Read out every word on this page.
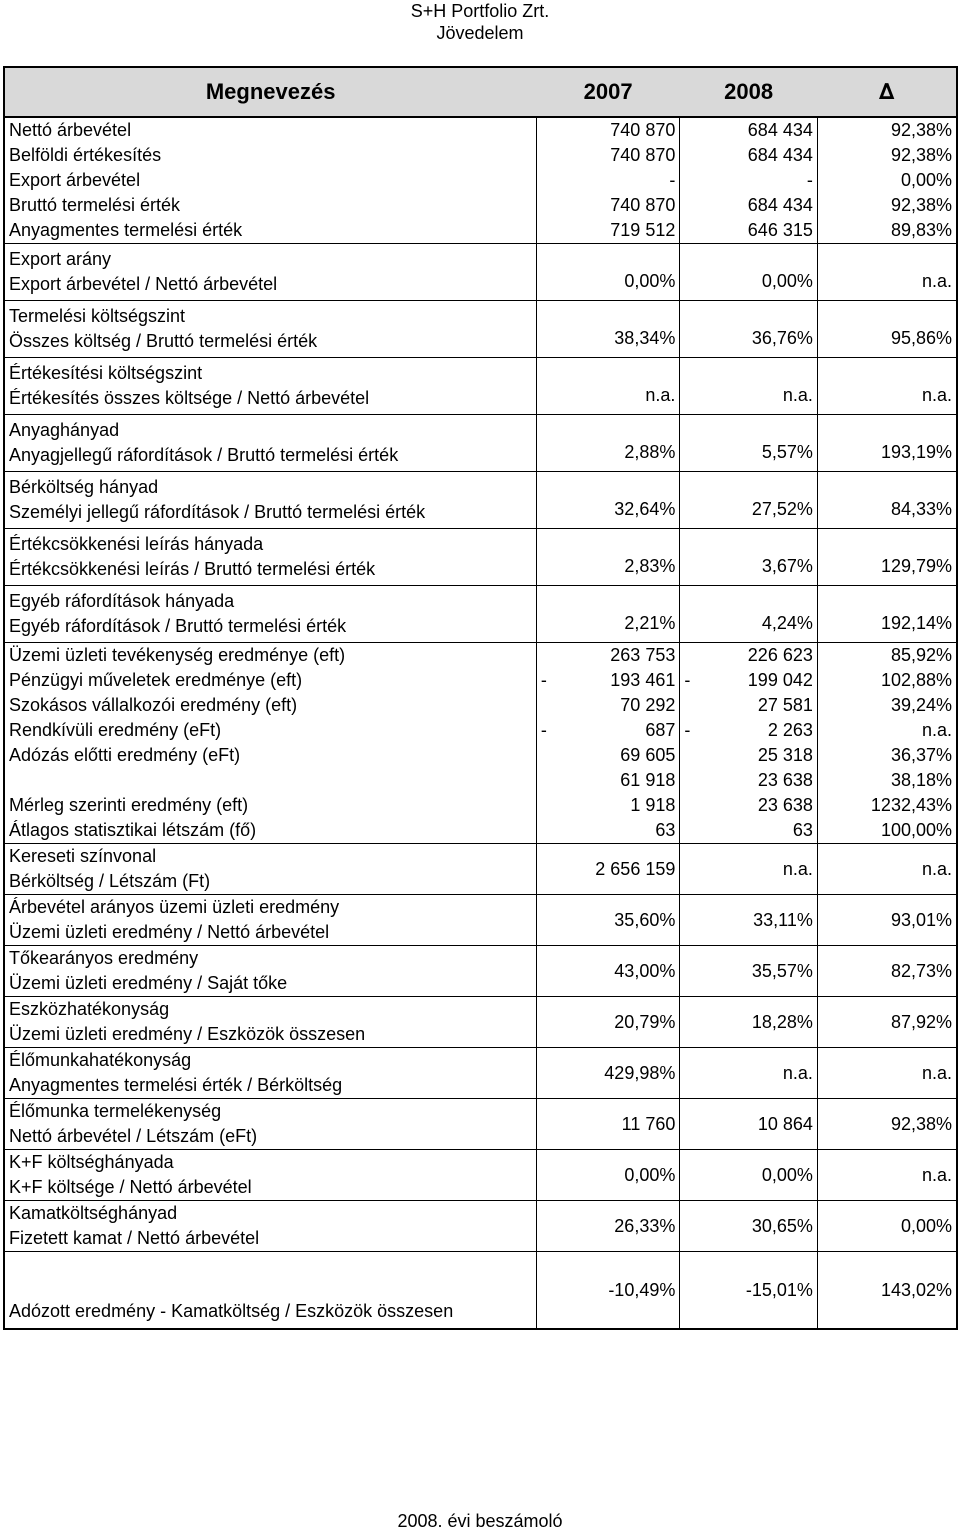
S+H Portfolio Zrt.
Jövedelem
Megnevezés	2007	2008	∆
Nettó árbevétel	740 870	684 434	92,38%
Belföldi értékesítés	740 870	684 434	92,38%
Export árbevétel	-	-	0,00%
Bruttó termelési érték	740 870	684 434	92,38%
Anyagmentes termelési érték	719 512	646 315	89,83%

Export arány
Export árbevétel / Nettó árbevétel	0,00%	0,00%	n.a.

Termelési költségszint
Összes költség / Bruttó termelési érték	38,34%	36,76%	95,86%

Értékesítési költségszint
Értékesítés összes költsége / Nettó árbevétel	n.a.	n.a.	n.a.

Anyaghányad
Anyagjellegű ráfordítások / Bruttó termelési érték	2,88%	5,57%	193,19%

Bérköltség hányad
Személyi jellegű ráfordítások / Bruttó termelési érték	32,64%	27,52%	84,33%

Értékcsökkenési leírás hányada
Értékcsökkenési leírás / Bruttó termelési érték	2,83%	3,67%	129,79%

Egyéb ráfordítások hányada
Egyéb ráfordítások / Bruttó termelési érték	2,21%	4,24%	192,14%
Üzemi üzleti tevékenység eredménye (eft)	263 753	226 623	85,92%
Pénzügyi műveletek eredménye (eft)	- 193 461	- 199 042	102,88%
Szokásos vállalkozói eredmény (eft)	70 292	27 581	39,24%
Rendkívüli eredmény (eFt)	- 687	- 2 263	n.a.
Adózás előtti eredmény (eFt)	69 605	25 318	36,37%

	61 918	23 638	38,18%
Mérleg szerinti eredmény (eft)	1 918	23 638	1232,43%
Átlagos statisztikai létszám (fő)	63	63	100,00%

Kereseti színvonal
Bérköltség / Létszám (Ft)	2 656 159	n.a.	n.a.

Árbevétel arányos üzemi üzleti eredmény
Üzemi üzleti eredmény / Nettó árbevétel	35,60%	33,11%	93,01%

Tőkearányos eredmény
Üzemi üzleti eredmény / Saját tőke	43,00%	35,57%	82,73%

Eszközhatékonyság
Üzemi üzleti eredmény / Eszközök összesen	20,79%	18,28%	87,92%

Élőmunkahatékonyság
Anyagmentes termelési érték / Bérköltség	429,98%	n.a.	n.a.

Élőmunka termelékenység
Nettó árbevétel / Létszám (eFt)	11 760	10 864	92,38%

K+F költséghányada
K+F költsége / Nettó árbevétel	0,00%	0,00%	n.a.

Kamatköltséghányad
Fizetett kamat / Nettó árbevétel	26,33%	30,65%	0,00%
Adózott eredmény - Kamatköltség / Eszközök összesen	-10,49%	-15,01%	143,02%
2008. évi beszámoló
